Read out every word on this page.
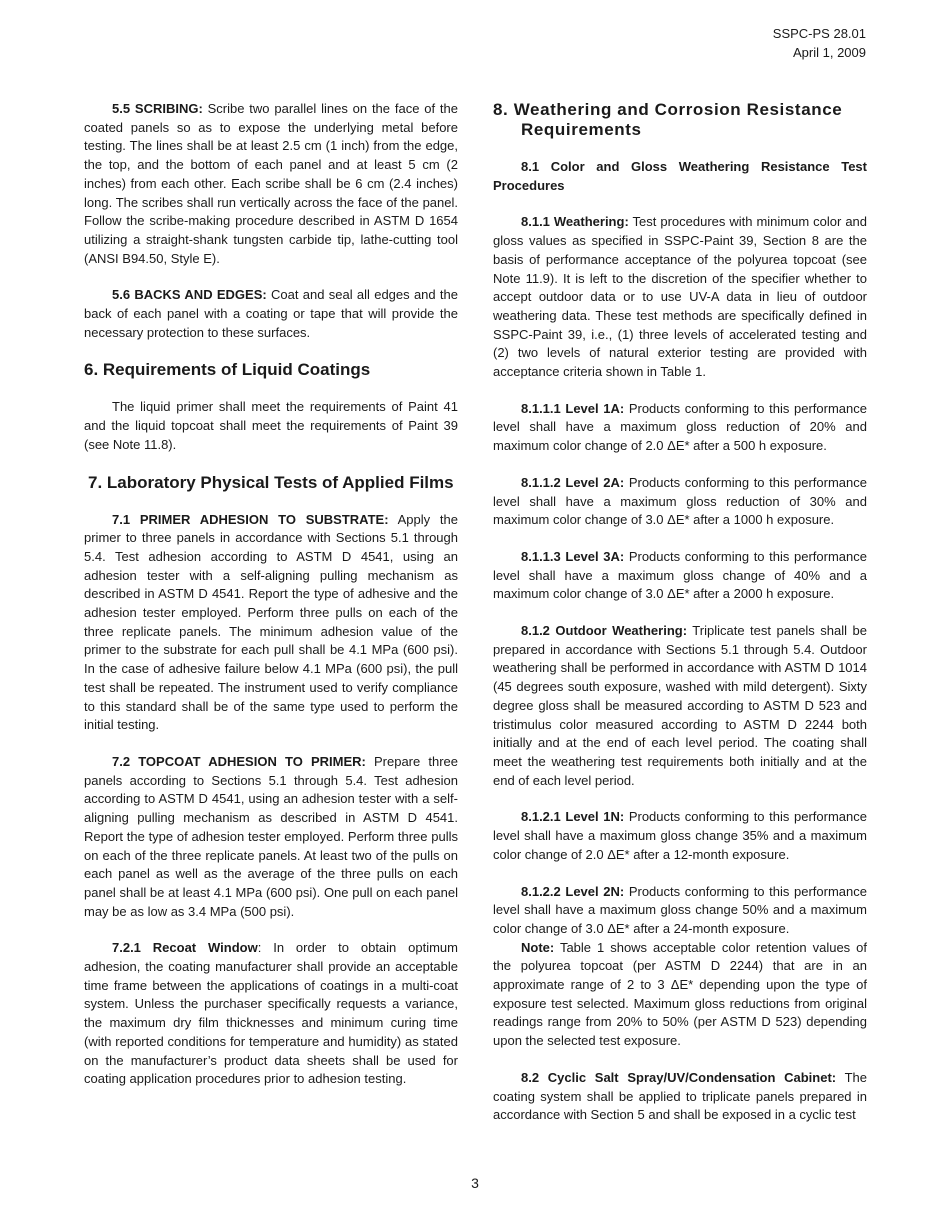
SSPC-PS 28.01
April 1, 2009

5.5 SCRIBING: Scribe two parallel lines on the face of the coated panels so as to expose the underlying metal before testing. The lines shall be at least 2.5 cm (1 inch) from the edge, the top, and the bottom of each panel and at least 5 cm (2 inches) from each other. Each scribe shall be 6 cm (2.4 inches) long. The scribes shall run vertically across the face of the panel. Follow the scribe-making procedure described in ASTM D 1654 utilizing a straight-shank tungsten carbide tip, lathe-cutting tool (ANSI B94.50, Style E).

5.6 BACKS AND EDGES: Coat and seal all edges and the back of each panel with a coating or tape that will provide the necessary protection to these surfaces.

6. Requirements of Liquid Coatings

The liquid primer shall meet the requirements of Paint 41 and the liquid topcoat shall meet the requirements of Paint 39 (see Note 11.8).

7. Laboratory Physical Tests of Applied Films

7.1 PRIMER ADHESION TO SUBSTRATE: Apply the primer to three panels in accordance with Sections 5.1 through 5.4. Test adhesion according to ASTM D 4541, using an adhesion tester with a self-aligning pulling mechanism as described in ASTM D 4541. Report the type of adhesive and the adhesion tester employed. Perform three pulls on each of the three replicate panels. The minimum adhesion value of the primer to the substrate for each pull shall be 4.1 MPa (600 psi). In the case of adhesive failure below 4.1 MPa (600 psi), the pull test shall be repeated. The instrument used to verify compliance to this standard shall be of the same type used to perform the initial testing.

7.2 TOPCOAT ADHESION TO PRIMER: Prepare three panels according to Sections 5.1 through 5.4. Test adhesion according to ASTM D 4541, using an adhesion tester with a self-aligning pulling mechanism as described in ASTM D 4541. Report the type of adhesion tester employed. Perform three pulls on each of the three replicate panels. At least two of the pulls on each panel as well as the average of the three pulls on each panel shall be at least 4.1 MPa (600 psi). One pull on each panel may be as low as 3.4 MPa (500 psi).

7.2.1 Recoat Window: In order to obtain optimum adhesion, the coating manufacturer shall provide an acceptable time frame between the applications of coatings in a multi-coat system. Unless the purchaser specifically requests a variance, the maximum dry film thicknesses and minimum curing time (with reported conditions for temperature and humidity) as stated on the manufacturer’s product data sheets shall be used for coating application procedures prior to adhesion testing.

8. Weathering and Corrosion Resistance Requirements

8.1 Color and Gloss Weathering Resistance Test Procedures

8.1.1 Weathering: Test procedures with minimum color and gloss values as specified in SSPC-Paint 39, Section 8 are the basis of performance acceptance of the polyurea topcoat (see Note 11.9). It is left to the discretion of the specifier whether to accept outdoor data or to use UV-A data in lieu of outdoor weathering data. These test methods are specifically defined in SSPC-Paint 39, i.e., (1) three levels of accelerated testing and (2) two levels of natural exterior testing are provided with acceptance criteria shown in Table 1.

8.1.1.1 Level 1A: Products conforming to this performance level shall have a maximum gloss reduction of 20% and maximum color change of 2.0 ΔE* after a 500 h exposure.

8.1.1.2 Level 2A: Products conforming to this performance level shall have a maximum gloss reduction of 30% and maximum color change of 3.0 ΔE* after a 1000 h exposure.

8.1.1.3 Level 3A: Products conforming to this performance level shall have a maximum gloss change of 40% and a maximum color change of 3.0 ΔE* after a 2000 h exposure.

8.1.2 Outdoor Weathering: Triplicate test panels shall be prepared in accordance with Sections 5.1 through 5.4. Outdoor weathering shall be performed in accordance with ASTM D 1014 (45 degrees south exposure, washed with mild detergent). Sixty degree gloss shall be measured according to ASTM D 523 and tristimulus color measured according to ASTM D 2244 both initially and at the end of each level period. The coating shall meet the weathering test requirements both initially and at the end of each level period.

8.1.2.1 Level 1N: Products conforming to this performance level shall have a maximum gloss change 35% and a maximum color change of 2.0 ΔE* after a 12-month exposure.

8.1.2.2 Level 2N: Products conforming to this performance level shall have a maximum gloss change 50% and a maximum color change of 3.0 ΔE* after a 24-month exposure.

Note: Table 1 shows acceptable color retention values of the polyurea topcoat (per ASTM D 2244) that are in an approximate range of 2 to 3 ΔE* depending upon the type of exposure test selected. Maximum gloss reductions from original readings range from 20% to 50% (per ASTM D 523) depending upon the selected test exposure.

8.2 Cyclic Salt Spray/UV/Condensation Cabinet: The coating system shall be applied to triplicate panels prepared in accordance with Section 5 and shall be exposed in a cyclic test

3
